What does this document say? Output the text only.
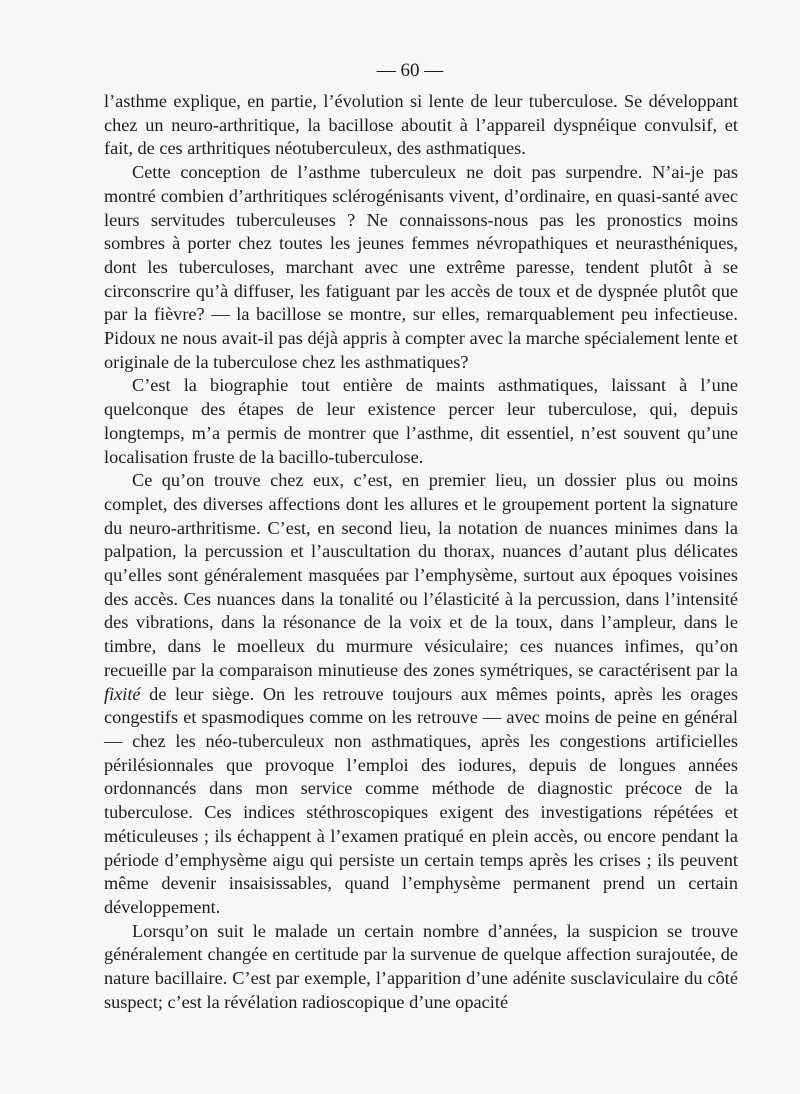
— 60 —

l’asthme explique, en partie, l’évolution si lente de leur tuberculose. Se développant chez un neuro-arthritique, la bacillose aboutit à l’appareil dyspnéique convulsif, et fait, de ces arthritiques néotuberculeux, des asthmatiques.

Cette conception de l’asthme tuberculeux ne doit pas surpendre. N’ai-je pas montré combien d’arthritiques sclérogénisants vivent, d’ordinaire, en quasi-santé avec leurs servitudes tuberculeuses ? Ne connaissons-nous pas les pronostics moins sombres à porter chez toutes les jeunes femmes névropathiques et neurasthéniques, dont les tuberculoses, marchant avec une extrême paresse, tendent plutôt à se circonscrire qu’à diffuser, les fatiguant par les accès de toux et de dyspnée plutôt que par la fièvre? — la bacillose se montre, sur elles, remarquablement peu infectieuse. Pidoux ne nous avait-il pas déjà appris à compter avec la marche spécialement lente et originale de la tuberculose chez les asthmatiques?

C’est la biographie tout entière de maints asthmatiques, laissant à l’une quelconque des étapes de leur existence percer leur tuberculose, qui, depuis longtemps, m’a permis de montrer que l’asthme, dit essentiel, n’est souvent qu’une localisation fruste de la bacillo-tuberculose.

Ce qu’on trouve chez eux, c’est, en premier lieu, un dossier plus ou moins complet, des diverses affections dont les allures et le groupement portent la signature du neuro-arthritisme. C’est, en second lieu, la notation de nuances minimes dans la palpation, la percussion et l’auscultation du thorax, nuances d’autant plus délicates qu’elles sont généralement masquées par l’emphysème, surtout aux époques voisines des accès. Ces nuances dans la tonalité ou l’élasticité à la percussion, dans l’intensité des vibrations, dans la résonance de la voix et de la toux, dans l’ampleur, dans le timbre, dans le moelleux du murmure vésiculaire; ces nuances infimes, qu’on recueille par la comparaison minutieuse des zones symétriques, se caractérisent par la fixité de leur siège. On les retrouve toujours aux mêmes points, après les orages congestifs et spasmodiques comme on les retrouve — avec moins de peine en général — chez les néo-tuberculeux non asthmatiques, après les congestions artificielles périlésionnales que provoque l’emploi des iodures, depuis de longues années ordonnancés dans mon service comme méthode de diagnostic précoce de la tuberculose. Ces indices stéthroscopiques exigent des investigations répétées et méticuleuses ; ils échappent à l’examen pratiqué en plein accès, ou encore pendant la période d’emphysème aigu qui persiste un certain temps après les crises ; ils peuvent même devenir insaisissables, quand l’emphysème permanent prend un certain développement.

Lorsqu’on suit le malade un certain nombre d’années, la suspicion se trouve généralement changée en certitude par la survenue de quelque affection surajoutée, de nature bacillaire. C’est par exemple, l’apparition d’une adénite susclaviculaire du côté suspect; c’est la révélation radioscopique d’une opacité
